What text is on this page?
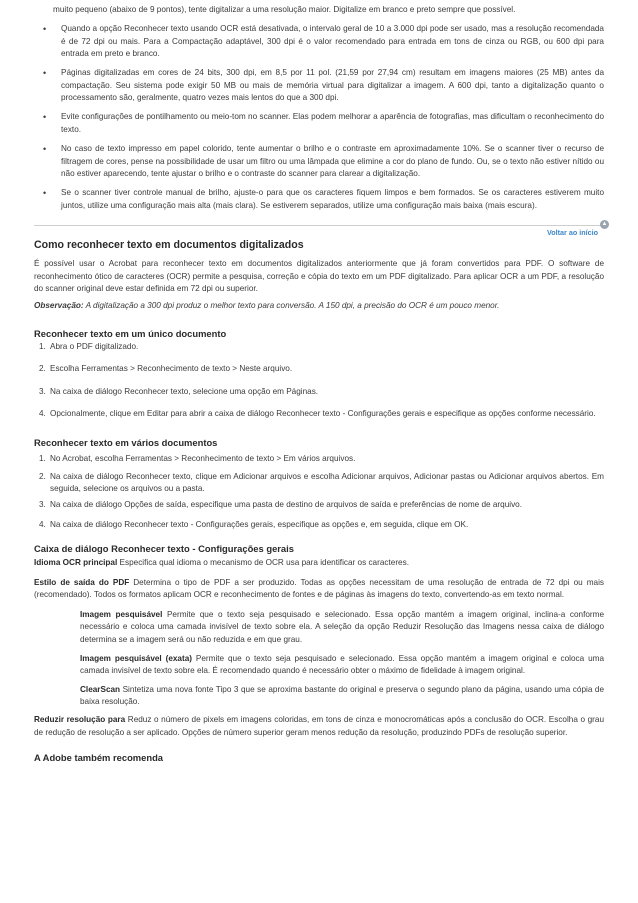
muito pequeno (abaixo de 9 pontos), tente digitalizar a uma resolução maior. Digitalize em branco e preto sempre que possível.

• Quando a opção Reconhecer texto usando OCR está desativada, o intervalo geral de 10 a 3.000 dpi pode ser usado, mas a resolução recomendada é de 72 dpi ou mais. Para a Compactação adaptável, 300 dpi é o valor recomendado para entrada em tons de cinza ou RGB, ou 600 dpi para entrada em preto e branco.
• Páginas digitalizadas em cores de 24 bits, 300 dpi, em 8,5 por 11 pol. (21,59 por 27,94 cm) resultam em imagens maiores (25 MB) antes da compactação. Seu sistema pode exigir 50 MB ou mais de memória virtual para digitalizar a imagem. A 600 dpi, tanto a digitalização quanto o processamento são, geralmente, quatro vezes mais lentos do que a 300 dpi.
• Evite configurações de pontilhamento ou meio-tom no scanner. Elas podem melhorar a aparência de fotografias, mas dificultam o reconhecimento do texto.
• No caso de texto impresso em papel colorido, tente aumentar o brilho e o contraste em aproximadamente 10%. Se o scanner tiver o recurso de filtragem de cores, pense na possibilidade de usar um filtro ou uma lâmpada que elimine a cor do plano de fundo. Ou, se o texto não estiver nítido ou não estiver aparecendo, tente ajustar o brilho e o contraste do scanner para clarear a digitalização.
• Se o scanner tiver controle manual de brilho, ajuste-o para que os caracteres fiquem limpos e bem formados. Se os caracteres estiverem muito juntos, utilize uma configuração mais alta (mais clara). Se estiverem separados, utilize uma configuração mais baixa (mais escura).
▲
Voltar ao início
Como reconhecer texto em documentos digitalizados

É possível usar o Acrobat para reconhecer texto em documentos digitalizados anteriormente que já foram convertidos para PDF. O software de reconhecimento ótico de caracteres (OCR) permite a pesquisa, correção e cópia do texto em um PDF digitalizado. Para aplicar OCR a um PDF, a resolução do scanner original deve estar definida em 72 dpi ou superior.

Observação: A digitalização a 300 dpi produz o melhor texto para conversão. A 150 dpi, a precisão do OCR é um pouco menor.

Reconhecer texto em um único documento
1. Abra o PDF digitalizado.
2. Escolha Ferramentas > Reconhecimento de texto > Neste arquivo.
3. Na caixa de diálogo Reconhecer texto, selecione uma opção em Páginas.
4. Opcionalmente, clique em Editar para abrir a caixa de diálogo Reconhecer texto - Configurações gerais e especifique as opções conforme necessário.
Reconhecer texto em vários documentos
1. No Acrobat, escolha Ferramentas > Reconhecimento de texto > Em vários arquivos.
2. Na caixa de diálogo Reconhecer texto, clique em Adicionar arquivos e escolha Adicionar arquivos, Adicionar pastas ou Adicionar arquivos abertos. Em seguida, selecione os arquivos ou a pasta.
3. Na caixa de diálogo Opções de saída, especifique uma pasta de destino de arquivos de saída e preferências de nome de arquivo.
4. Na caixa de diálogo Reconhecer texto - Configurações gerais, especifique as opções e, em seguida, clique em OK.
Caixa de diálogo Reconhecer texto - Configurações gerais

Idioma OCR principal Especifica qual idioma o mecanismo de OCR usa para identificar os caracteres.

Estilo de saída do PDF Determina o tipo de PDF a ser produzido. Todas as opções necessitam de uma resolução de entrada de 72 dpi ou mais (recomendado). Todos os formatos aplicam OCR e reconhecimento de fontes e de páginas às imagens do texto, convertendo-as em texto normal.

Imagem pesquisável Permite que o texto seja pesquisado e selecionado. Essa opção mantém a imagem original, inclina-a conforme necessário e coloca uma camada invisível de texto sobre ela. A seleção da opção Reduzir Resolução das Imagens nessa caixa de diálogo determina se a imagem será ou não reduzida e em que grau.

Imagem pesquisável (exata) Permite que o texto seja pesquisado e selecionado. Essa opção mantém a imagem original e coloca uma camada invisível de texto sobre ela. É recomendado quando é necessário obter o máximo de fidelidade à imagem original.

ClearScan Sintetiza uma nova fonte Tipo 3 que se aproxima bastante do original e preserva o segundo plano da página, usando uma cópia de baixa resolução.

Reduzir resolução para Reduz o número de pixels em imagens coloridas, em tons de cinza e monocromáticas após a conclusão do OCR. Escolha o grau de redução de resolução a ser aplicado. Opções de número superior geram menos redução da resolução, produzindo PDFs de resolução superior.

A Adobe também recomenda
